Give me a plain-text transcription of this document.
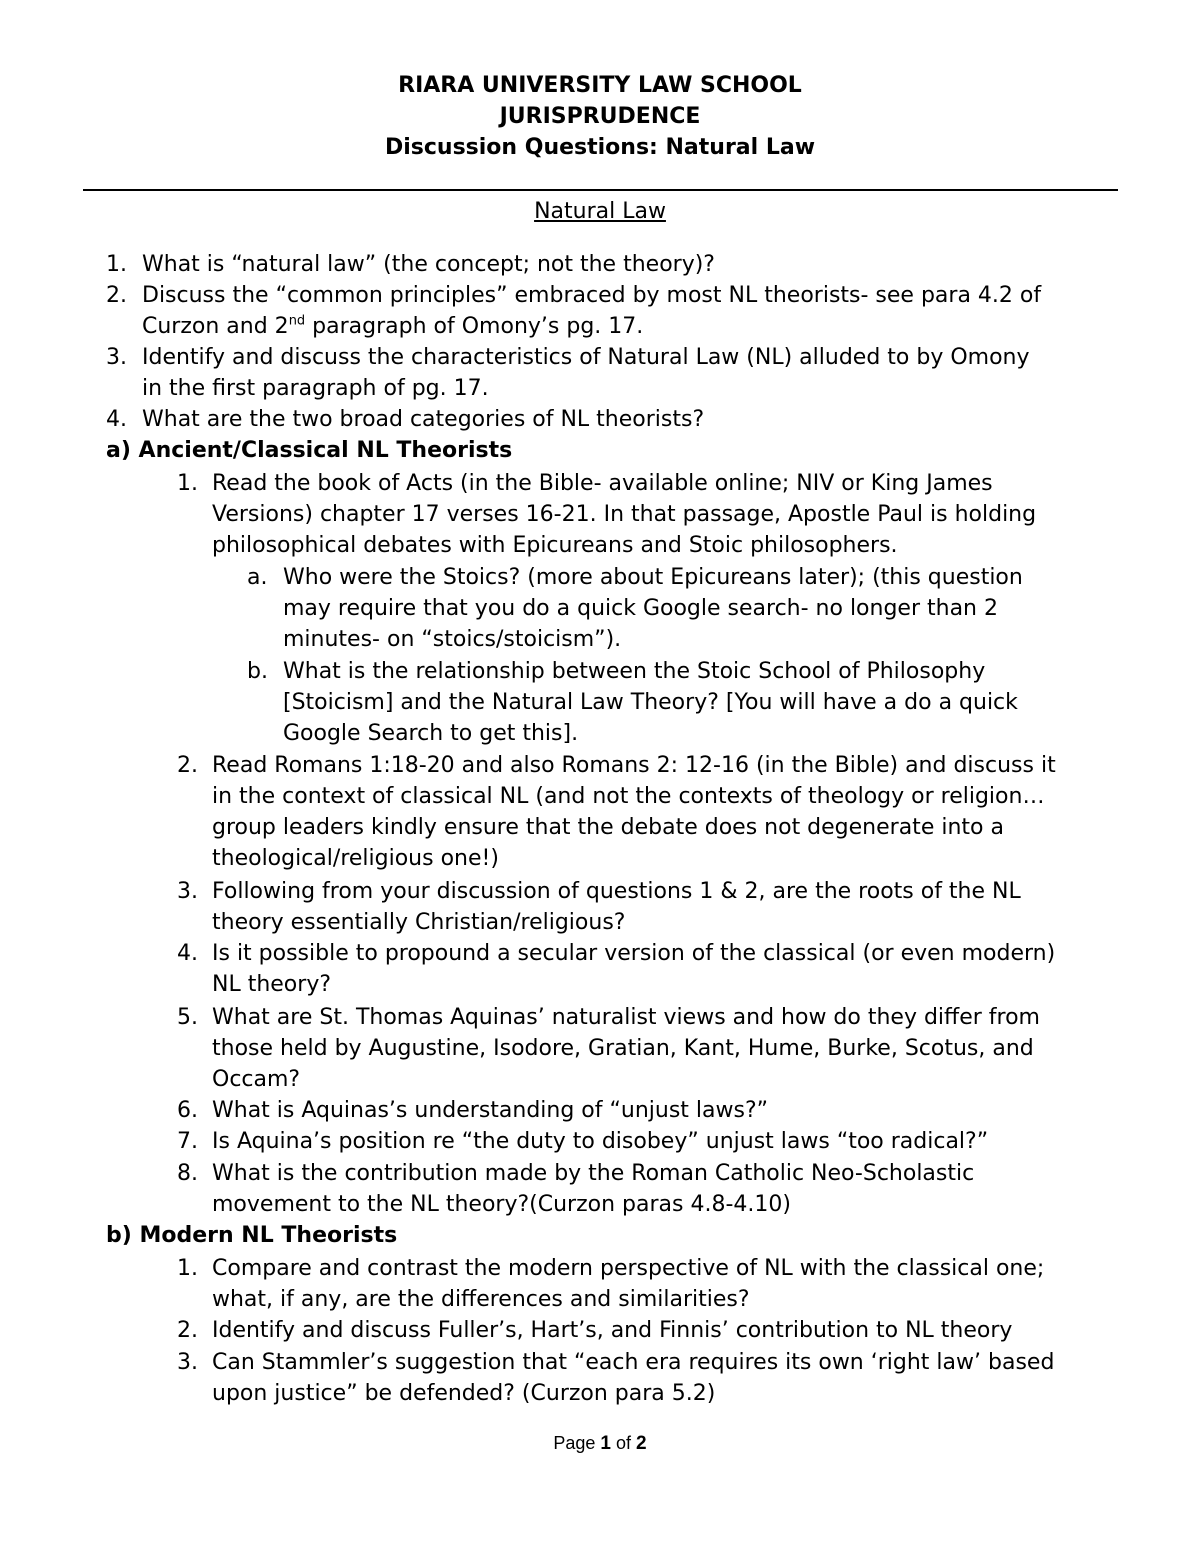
RIARA UNIVERSITY LAW SCHOOL
JURISPRUDENCE
Discussion Questions: Natural Law
Natural Law
1. What is “natural law” (the concept; not the theory)?
2. Discuss the “common principles” embraced by most NL theorists- see para 4.2 of
Curzon and 2nd paragraph of Omony’s pg. 17.
3. Identify and discuss the characteristics of Natural Law (NL) alluded to by Omony
in the first paragraph of pg. 17.
4. What are the two broad categories of NL theorists?
a) Ancient/Classical NL Theorists
1. Read the book of Acts (in the Bible- available online; NIV or King James
Versions) chapter 17 verses 16-21. In that passage, Apostle Paul is holding
philosophical debates with Epicureans and Stoic philosophers.
a. Who were the Stoics? (more about Epicureans later); (this question
may require that you do a quick Google search- no longer than 2
minutes- on “stoics/stoicism”).
b. What is the relationship between the Stoic School of Philosophy
[Stoicism] and the Natural Law Theory? [You will have a do a quick
Google Search to get this].
2. Read Romans 1:18-20 and also Romans 2: 12-16 (in the Bible) and discuss it
in the context of classical NL (and not the contexts of theology or religion…
group leaders kindly ensure that the debate does not degenerate into a
theological/religious one!)
3. Following from your discussion of questions 1 & 2, are the roots of the NL
theory essentially Christian/religious?
4. Is it possible to propound a secular version of the classical (or even modern)
NL theory?
5. What are St. Thomas Aquinas’ naturalist views and how do they differ from
those held by Augustine, Isodore, Gratian, Kant, Hume, Burke, Scotus, and
Occam?
6. What is Aquinas’s understanding of “unjust laws?”
7. Is Aquina’s position re “the duty to disobey” unjust laws “too radical?”
8. What is the contribution made by the Roman Catholic Neo-Scholastic
movement to the NL theory?(Curzon paras 4.8-4.10)
b) Modern NL Theorists
1. Compare and contrast the modern perspective of NL with the classical one;
what, if any, are the differences and similarities?
2. Identify and discuss Fuller’s, Hart’s, and Finnis’ contribution to NL theory
3. Can Stammler’s suggestion that “each era requires its own ‘right law’ based
upon justice” be defended? (Curzon para 5.2)
Page 1 of 2
